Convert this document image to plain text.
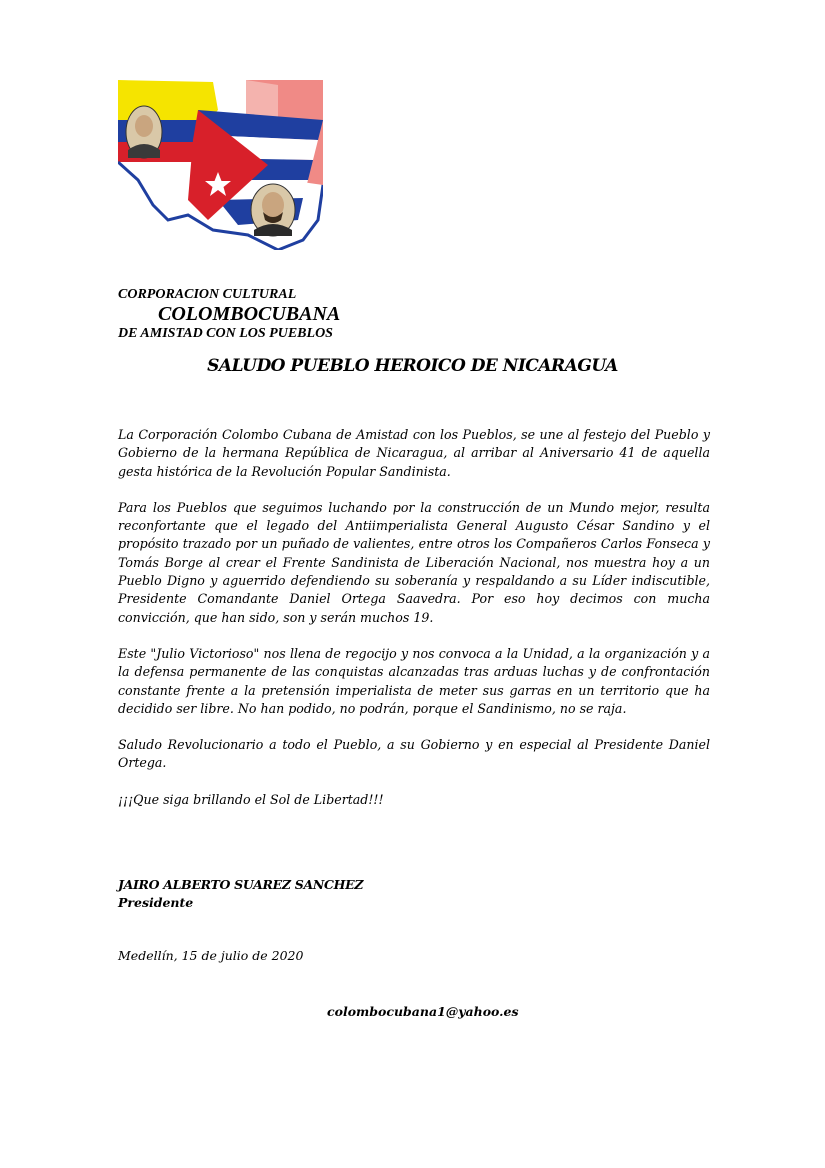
CORPORACION CULTURAL
COLOMBOCUBANA
DE AMISTAD CON LOS PUEBLOS
SALUDO PUEBLO HEROICO DE NICARAGUA

La Corporación Colombo Cubana de Amistad con los Pueblos, se une al festejo del Pueblo y Gobierno de la hermana República de Nicaragua, al arribar al Aniversario 41 de aquella gesta histórica de la Revolución Popular Sandinista.

Para los Pueblos que seguimos luchando por la construcción de un Mundo mejor, resulta reconfortante que el legado del Antiimperialista General Augusto César Sandino y el propósito trazado por un puñado de valientes, entre otros los Compañeros Carlos Fonseca y Tomás Borge al crear el Frente Sandinista de Liberación Nacional, nos muestra hoy a un Pueblo Digno y aguerrido defendiendo su soberanía y respaldando a su Líder indiscutible, Presidente Comandante Daniel Ortega Saavedra. Por eso hoy decimos con mucha convicción, que han sido, son y serán muchos 19.

Este "Julio Victorioso" nos llena de regocijo y nos convoca a la Unidad, a la organización y a la defensa permanente de las conquistas alcanzadas tras arduas luchas y de confrontación constante frente a la pretensión imperialista de meter sus garras en un territorio que ha decidido ser libre. No han podido, no podrán, porque el Sandinismo, no se raja.

Saludo Revolucionario a todo el Pueblo, a su Gobierno y en especial al Presidente Daniel Ortega.

¡¡¡Que siga brillando el Sol de Libertad!!!

JAIRO ALBERTO SUAREZ SANCHEZ
Presidente
Medellín, 15 de julio de 2020
colombocubana1@yahoo.es
